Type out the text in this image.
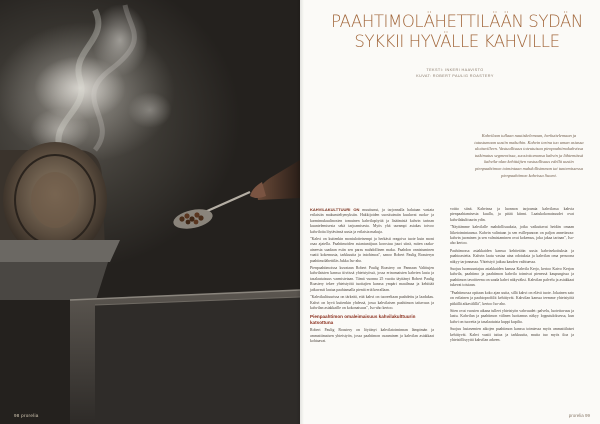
98 prorelia
PAAHTIMOLÄHETTILÄÄN SYDÄN
SYKKII HYVÄLLE KAHVILLE
TEKSTI: INKERI HAAVISTO
KUVAT: ROBERT PAULIG ROASTERY

Kahvilaan tullaan nautiskelemaan, herkuttelemaan ja tutustumaan uusiin makuihin. Kahvin tarina tuo uman asiassa ulottuvilleen. Vastuullisuus toteutuisaa pienpaahtimokahvissa tutkimatus segmentissa, suosiottomunsa kahvin ja lähtemässä kahvila-alan kehittäjien vastuullisuus edellä uusiin pienpaahtimon toimintaan mahdollisimman tai tuntemissessa pienpaahtimon kahvissa Suomi.

KAHVILAKULTTUURI ON muuttunut, ja tarjonnalla halutaan vastata erilaisiin makumieltymyksiin. Hakkijoiden suosituimiin kuuluvat ruoka- ja karmimukuulinosien tomuinen kahvilapöytiä ja lisäämistä kahvin tarinan kuuntelemisesta sekä tarjoamisesta. Myös yhä useampi asiakas toivoo kahviloita löytävänsä uusia ja erilaisia makuja.

"Kahvi on kuitenkin moniulotteisempi ja herkästi reagoiva tuote kuin moni osaa ajatella. Paahtimoiden asiantuntijuus korostuu juuri siinä, miten raaka-aineesta saadaan esiin sen paras mahdollinen maku. Paahdon onnistuminen vaatii kokemusta, tarkkuutta ja intohimoa", sanoo Robert Paulig Roasteryn paahtimolähettiläs Jukka Iso-aho.

Pienpaahtimoissa kuvataan Robert Paulig Roastery on Pannaan Valittujen kahvilaisten kanssa tiiviissä yhteistyössä, jossa erinomaisten kahvien laatu ja tasalaatuisuus varmistetaan. Tämä vuonna 25 vuotta täyttänyt Robert Paulig Roastery tekee yhteistyötä tuottajien kanssa ympäri maailmaa ja kehittää jatkuvasti laatua paahtamalla pieniä eriä kerrallaan.

"Kahvikulttuurissa on tärkeää, että kahvi on tuoreeltaan paahdettu ja laadukas. Kahvi on hyvä kuitenkin yhdessä, jossa kahvilaisen paahtimon taitavuus ja kahvilan asiakkaille on kokonaisuus", Iso-aho kertoo.

Pienpaahtimon omaleimaisuus kahvilakulttuurin katsottuna

Robert Paulig Roastery on löytänyt kahvilatoiminnan lämpimän ja ammattimaisen yhteistyön, jossa paahtimon osaaminen ja kahvilan asiakkaat kohtaavat.

voitto siinä. Kahvinsa ja luonnon tarjoamia kahvilassa kahvia pienpaahtamisesta kuulla, ja pitää kiinni. Laatukokonaisuudet ovat kahvilakulttuurin ydin.

"Näyttämme kahvilalle mahdollisuuksia, jotka vaikuttavat heidän omaan liiketoimintaansa. Kahvin valintaan ja sen esillepanoon on paljon annettavaa: kahvin juominen ja sen valmistaminen ovat kokemus, joka jakaa tarinan", Iso-aho kertoo.

Paahtimossa asiakkaiden kanssa kehitetään uusia kahvisekoituksia ja paahtoasteita. Kahvin laatu vastaa aina odotuksia ja kahvilan oma persoona näkyy tarjonnassa. Yhteistyö jatkuu kauden vaihtuessa.

Suojuu luomuuntajuu asiakkaiden kanssa Kahvila Kerjo, kertoo Kaivo Kerjon kahvila, paahtimo ja paahtimon kahvila toimivat pienessä kaupungissa ja paahtimon tavoitteena on saada kahvi näkyväksi. Kahvilan palvelu ja asiakkaat tukevat toisiaan.

"Paahtimossa opitaan koko ajan uutta, sillä kahvi on elävä tuote. Jokainen sato on erilainen ja paahtoprofiilit kehittyvät. Kahvilan kanssa teemme yhteistyötä pitkällä aikavälillä", kertoo Iso-aho.

Siten ovat vuosien aikana tulleet yhteistyön vahvuudet: palvelu, luotettavuus ja laatu. Kahvilan ja paahtimon välinen luottamus näkyy lopputuloksessa, kun kahvi on tuoretta ja tasalaatuista kuppi kupilta.

Suojuu lasiasemien aikojen paahtimon kanssa toimiessa myös ammattilaiset kehittyvät. Kahvi vaatii taitoa ja tarkkuutta, mutta tuo myös iloa ja yhteisöllisyyttä kahvilan arkeen.

prorelia 99
